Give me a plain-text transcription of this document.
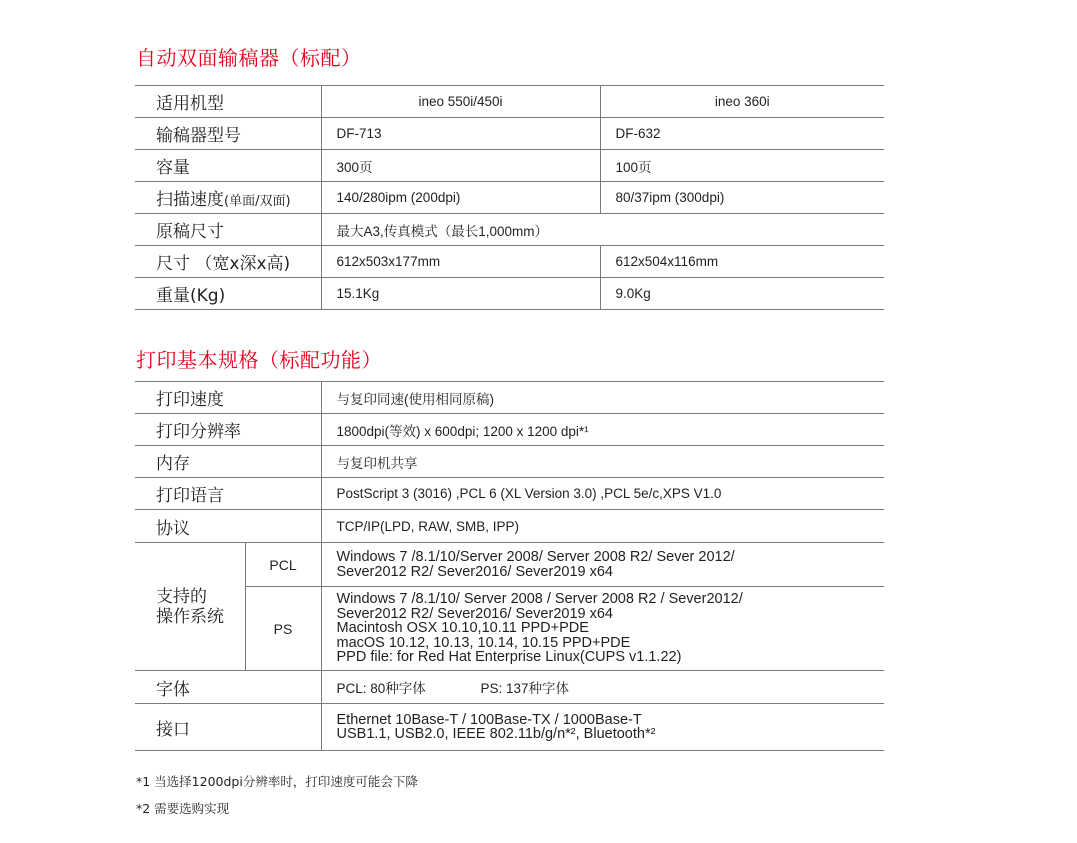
自动双面输稿器（标配）
适用机型	ineo 550i/450i	ineo 360i
输稿器型号	DF-713	DF-632
容量	300页	100页
扫描速度(单面/双面)	140/280ipm (200dpi)	80/37ipm (300dpi)
原稿尺寸	最大A3,传真模式（最长1,000mm）	
尺寸 （宽x深x高)	612x503x177mm	612x504x116mm
重量(Kg)	15.1Kg	9.0Kg
打印基本规格（标配功能）
打印速度		与复印同速(使用相同原稿)
打印分辨率		1800dpi(等效) x 600dpi; 1200 x 1200 dpi*¹
内存		与复印机共享
打印语言		PostScript 3 (3016) ,PCL 6 (XL Version 3.0) ,PCL 5e/c,XPS V1.0
协议		TCP/IP(LPD, RAW, SMB, IPP)

支持的
操作系统	PCL	Windows 7 /8.1/10/Server 2008/ Server 2008 R2/ Sever 2012/
Sever2012 R2/ Sever2016/ Sever2019 x64

	PS	Windows 7 /8.1/10/ Server 2008 / Server 2008 R2 / Sever2012/
Sever2012 R2/ Sever2016/ Sever2019 x64
Macintosh OSX 10.10,10.11 PPD+PDE
macOS 10.12, 10.13, 10.14, 10.15 PPD+PDE
PPD file: for Red Hat Enterprise Linux(CUPS v1.1.22)

字体		PCL: 80种字体 PS: 137种字体
接口		Ethernet 10Base-T / 100Base-TX / 1000Base-T
USB1.1, USB2.0, IEEE 802.11b/g/n*², Bluetooth*²
*1 当选择1200dpi分辨率时，打印速度可能会下降
*2 需要选购实现
